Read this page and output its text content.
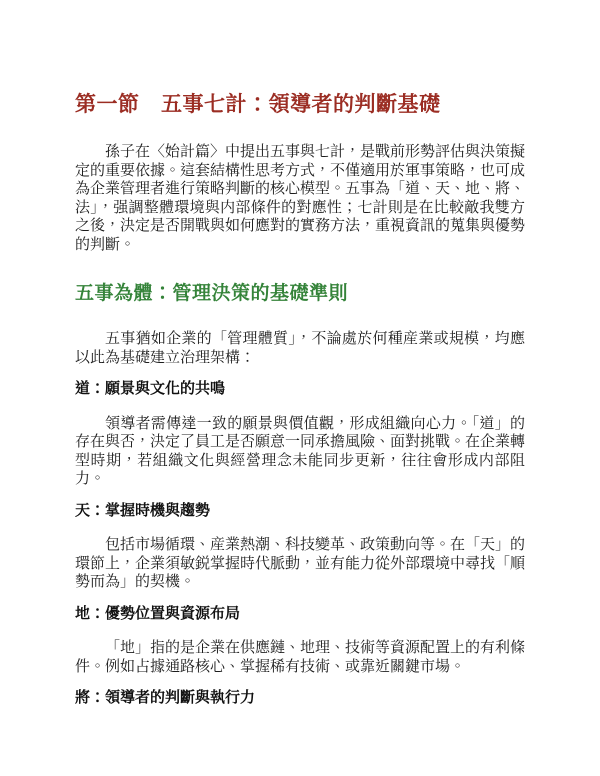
第一節　五事七計：領導者的判斷基礎

孫子在〈始計篇〉中提出五事與七計，是戰前形勢評估與決策擬定的重要依據。這套結構性思考方式，不僅適用於軍事策略，也可成為企業管理者進行策略判斷的核心模型。五事為「道、天、地、將、法」，强調整體環境與内部條件的對應性；七計則是在比較敵我雙方之後，決定是否開戰與如何應對的實務方法，重視資訊的蒐集與優勢的判斷。

五事為體：管理決策的基礎準則

五事猶如企業的「管理體質」，不論處於何種産業或規模，均應以此為基礎建立治理架構：

道：願景與文化的共鳴

領導者需傳達一致的願景與價值觀，形成組織向心力。「道」的存在與否，決定了員工是否願意一同承擔風險、面對挑戰。在企業轉型時期，若組織文化與經營理念未能同步更新，往往會形成内部阻力。

天：掌握時機與趨勢

包括市場循環、産業熱潮、科技變革、政策動向等。在「天」的環節上，企業須敏鋭掌握時代脈動，並有能力從外部環境中尋找「順勢而為」的契機。

地：優勢位置與資源布局

「地」指的是企業在供應鏈、地理、技術等資源配置上的有利條件。例如占據通路核心、掌握稀有技術、或靠近關鍵市場。

將：領導者的判斷與執行力
